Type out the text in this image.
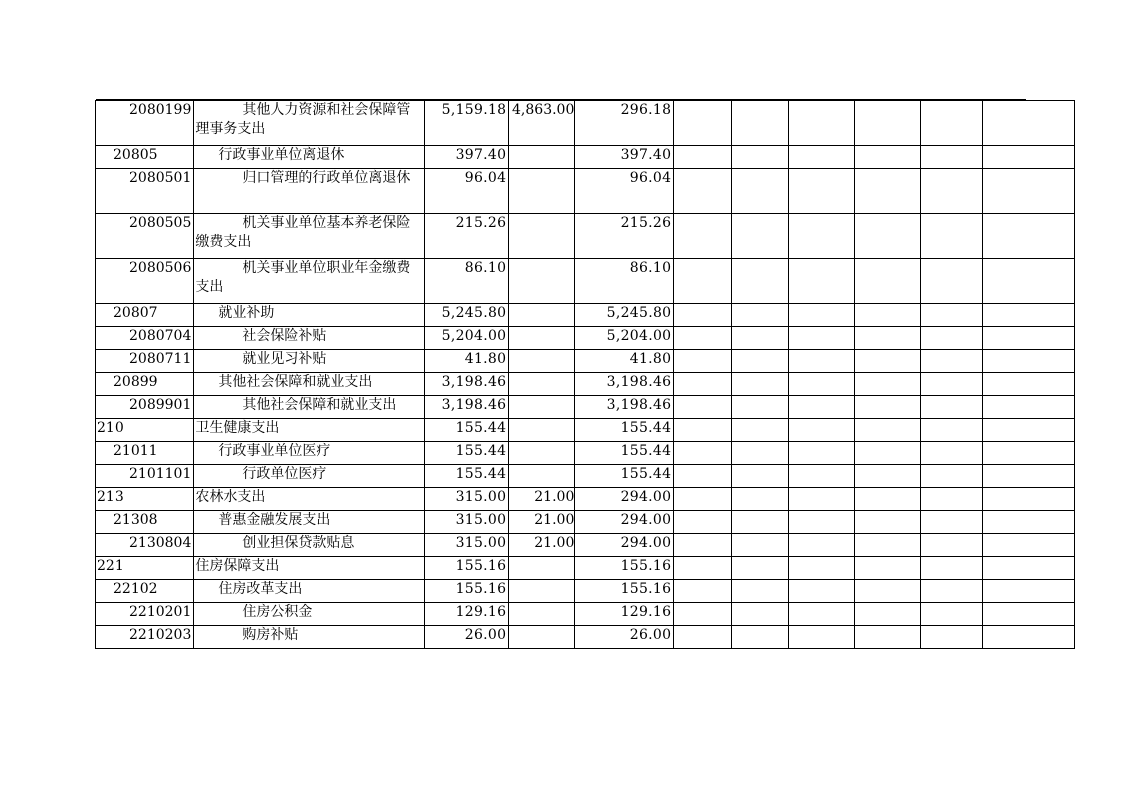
2080199	其他人力资源和社会保障管理事务支出	5,159.18	4,863.00	296.18						
20805	行政事业单位离退休	397.40		397.40						
2080501	归口管理的行政单位离退休	96.04		96.04						
2080505	机关事业单位基本养老保险缴费支出	215.26		215.26						
2080506	机关事业单位职业年金缴费支出	86.10		86.10						
20807	就业补助	5,245.80		5,245.80						
2080704	社会保险补贴	5,204.00		5,204.00						
2080711	就业见习补贴	41.80		41.80						
20899	其他社会保障和就业支出	3,198.46		3,198.46						
2089901	其他社会保障和就业支出	3,198.46		3,198.46						
210	卫生健康支出	155.44		155.44						
21011	行政事业单位医疗	155.44		155.44						
2101101	行政单位医疗	155.44		155.44						
213	农林水支出	315.00	21.00	294.00						
21308	普惠金融发展支出	315.00	21.00	294.00						
2130804	创业担保贷款贴息	315.00	21.00	294.00						
221	住房保障支出	155.16		155.16						
22102	住房改革支出	155.16		155.16						
2210201	住房公积金	129.16		129.16						
2210203	购房补贴	26.00		26.00						
